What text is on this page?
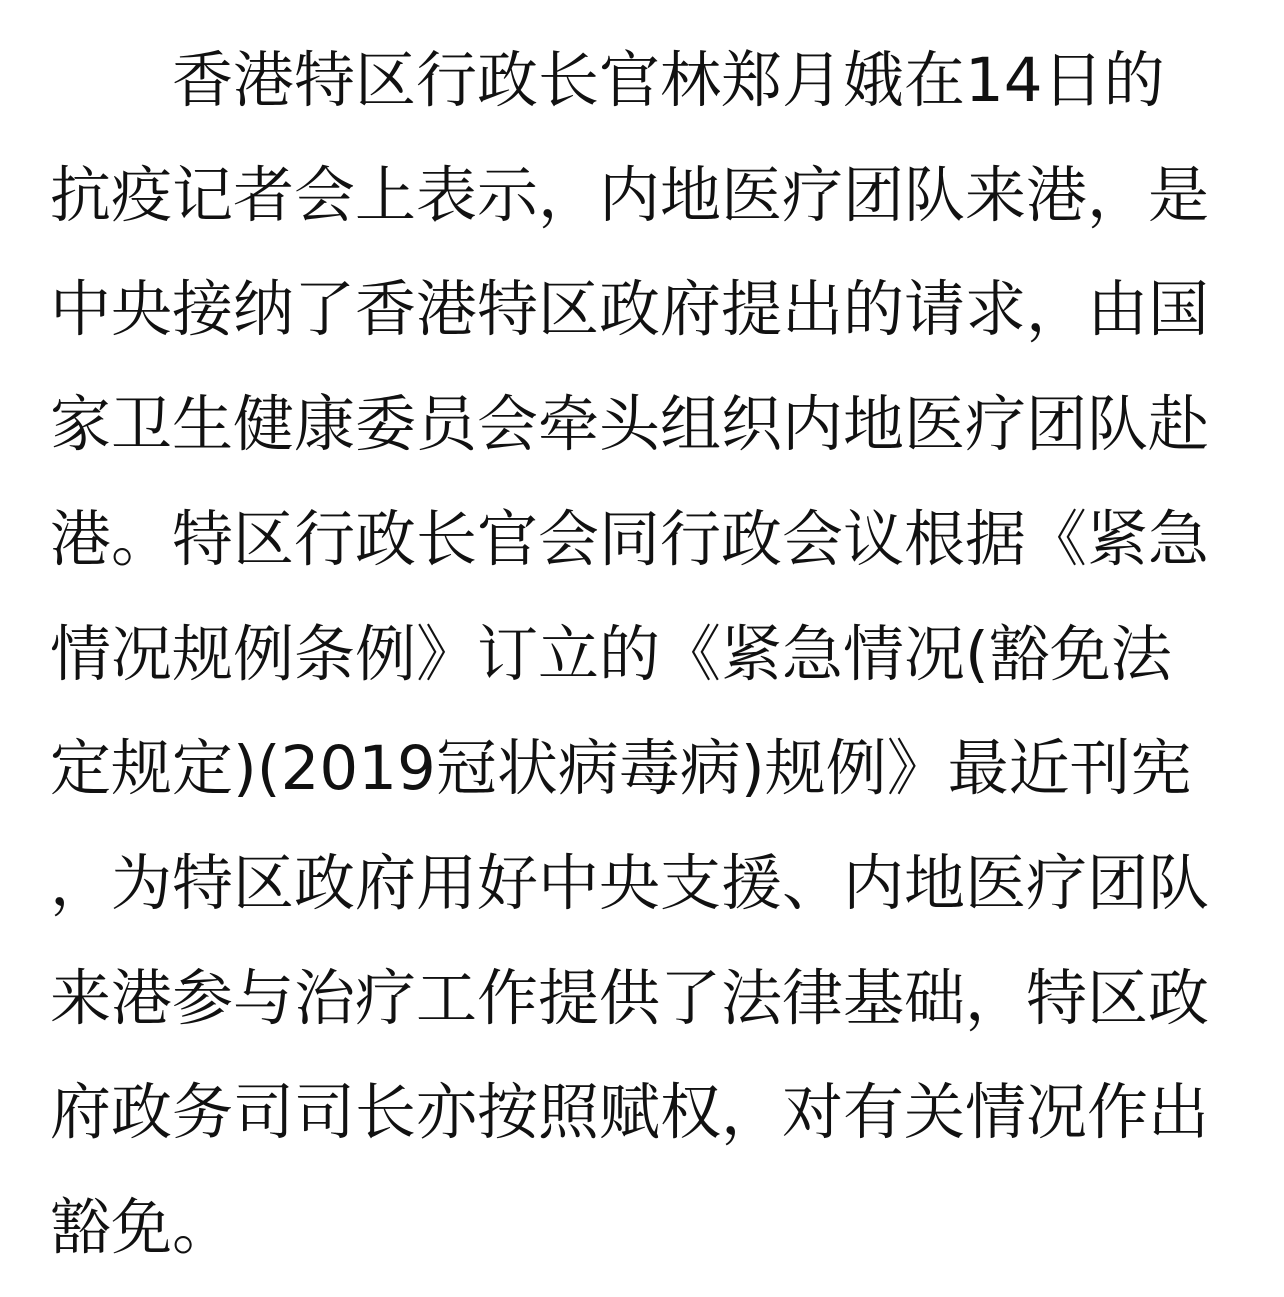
香港特区行政长官林郑月娥在14日的抗疫记者会上表示，内地医疗团队来港，是中央接纳了香港特区政府提出的请求，由国家卫生健康委员会牵头组织内地医疗团队赴港。特区行政长官会同行政会议根据《紧急情况规例条例》订立的《紧急情况(豁免法定规定)(2019冠状病毒病)规例》最近刊宪，为特区政府用好中央支援、内地医疗团队来港参与治疗工作提供了法律基础，特区政府政务司司长亦按照赋权，对有关情况作出豁免。
